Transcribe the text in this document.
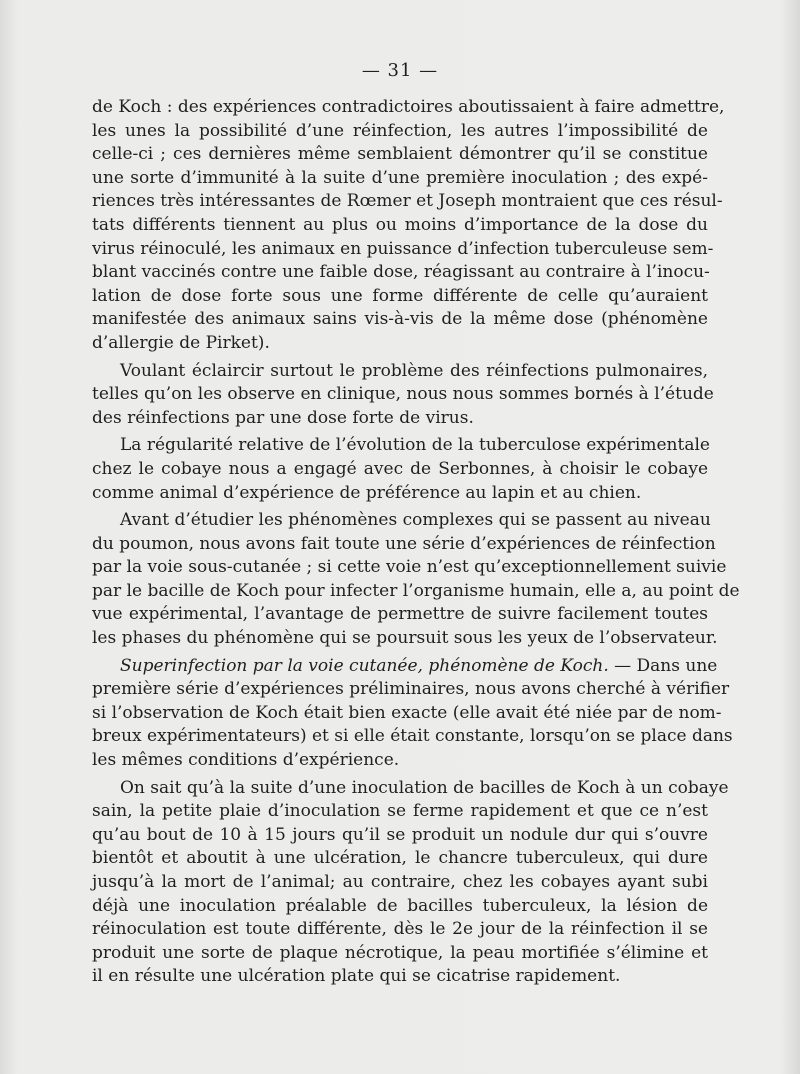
— 31 —
de Koch : des expériences contradictoires aboutissaient à faire admettre,
les unes la possibilité d’une réinfection, les autres l’impossibilité de
celle-ci ; ces dernières même semblaient démontrer qu’il se constitue
une sorte d’immunité à la suite d’une première inoculation ; des expé-
riences très intéressantes de Rœmer et Joseph montraient que ces résul-
tats différents tiennent au plus ou moins d’importance de la dose du
virus réinoculé, les animaux en puissance d’infection tuberculeuse sem-
blant vaccinés contre une faible dose, réagissant au contraire à l’inocu-
lation de dose forte sous une forme différente de celle qu’auraient
manifestée des animaux sains vis-à-vis de la même dose (phénomène
d’allergie de Pirket).
Voulant éclaircir surtout le problème des réinfections pulmonaires,
telles qu’on les observe en clinique, nous nous sommes bornés à l’étude
des réinfections par une dose forte de virus.
La régularité relative de l’évolution de la tuberculose expérimentale
chez le cobaye nous a engagé avec de Serbonnes, à choisir le cobaye
comme animal d’expérience de préférence au lapin et au chien.
Avant d’étudier les phénomènes complexes qui se passent au niveau
du poumon, nous avons fait toute une série d’expériences de réinfection
par la voie sous-cutanée ; si cette voie n’est qu’exceptionnellement suivie
par le bacille de Koch pour infecter l’organisme humain, elle a, au point de
vue expérimental, l’avantage de permettre de suivre facilement toutes
les phases du phénomène qui se poursuit sous les yeux de l’observateur.
Superinfection par la voie cutanée, phénomène de Koch. — Dans une
première série d’expériences préliminaires, nous avons cherché à vérifier
si l’observation de Koch était bien exacte (elle avait été niée par de nom-
breux expérimentateurs) et si elle était constante, lorsqu’on se place dans
les mêmes conditions d’expérience.
On sait qu’à la suite d’une inoculation de bacilles de Koch à un cobaye
sain, la petite plaie d’inoculation se ferme rapidement et que ce n’est
qu’au bout de 10 à 15 jours qu’il se produit un nodule dur qui s’ouvre
bientôt et aboutit à une ulcération, le chancre tuberculeux, qui dure
jusqu’à la mort de l’animal; au contraire, chez les cobayes ayant subi
déjà une inoculation préalable de bacilles tuberculeux, la lésion de
réinoculation est toute différente, dès le 2e jour de la réinfection il se
produit une sorte de plaque nécrotique, la peau mortifiée s’élimine et
il en résulte une ulcération plate qui se cicatrise rapidement.
